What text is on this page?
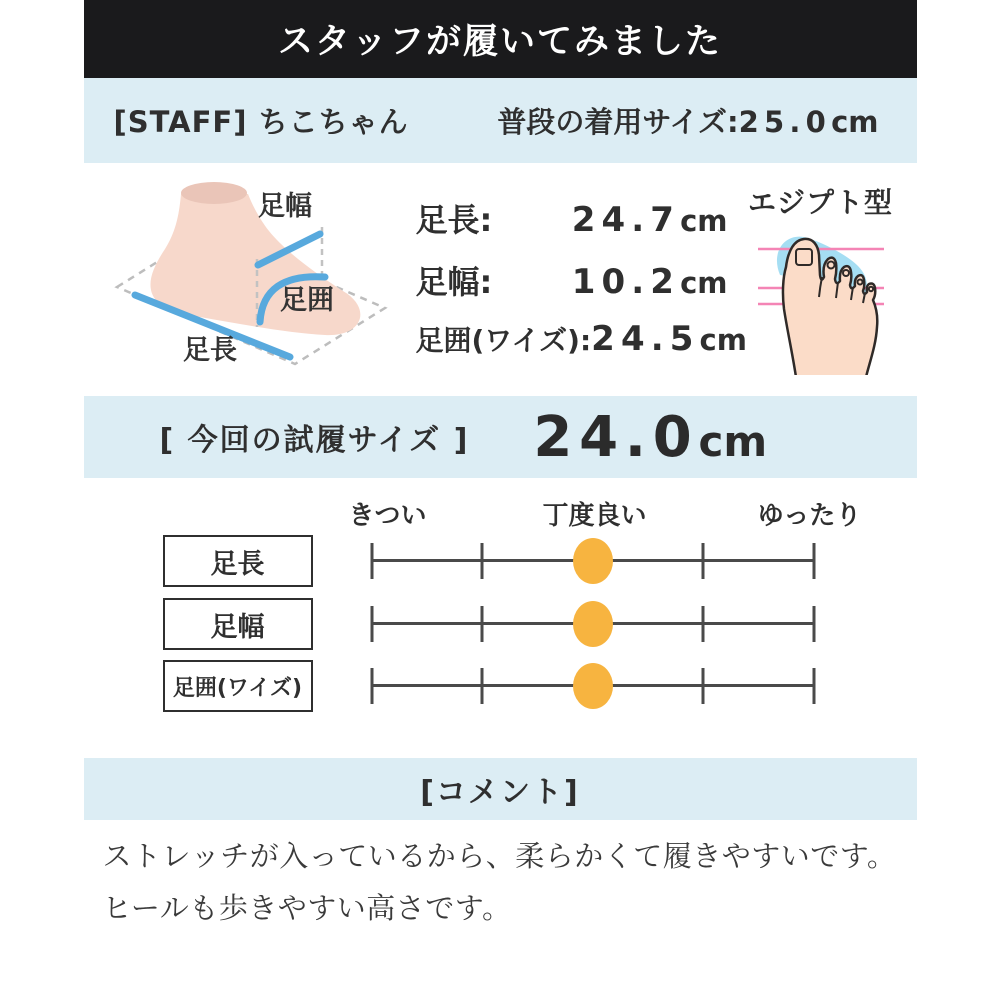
スタッフが履いてみました
[STAFF] ちこちゃん	普段の着用サイズ:25.0cm
足幅
足囲
足長
足長: 24.7cm
足幅: 10.2cm
足囲(ワイズ): 24.5cm
エジプト型
[ 今回の試履サイズ ] 24.0 cm
きつい	丁度良い	ゆったり
足長
足幅
足囲(ワイズ)
[コメント]
ストレッチが入っているから、柔らかくて履きやすいです。
ヒールも歩きやすい高さです。
